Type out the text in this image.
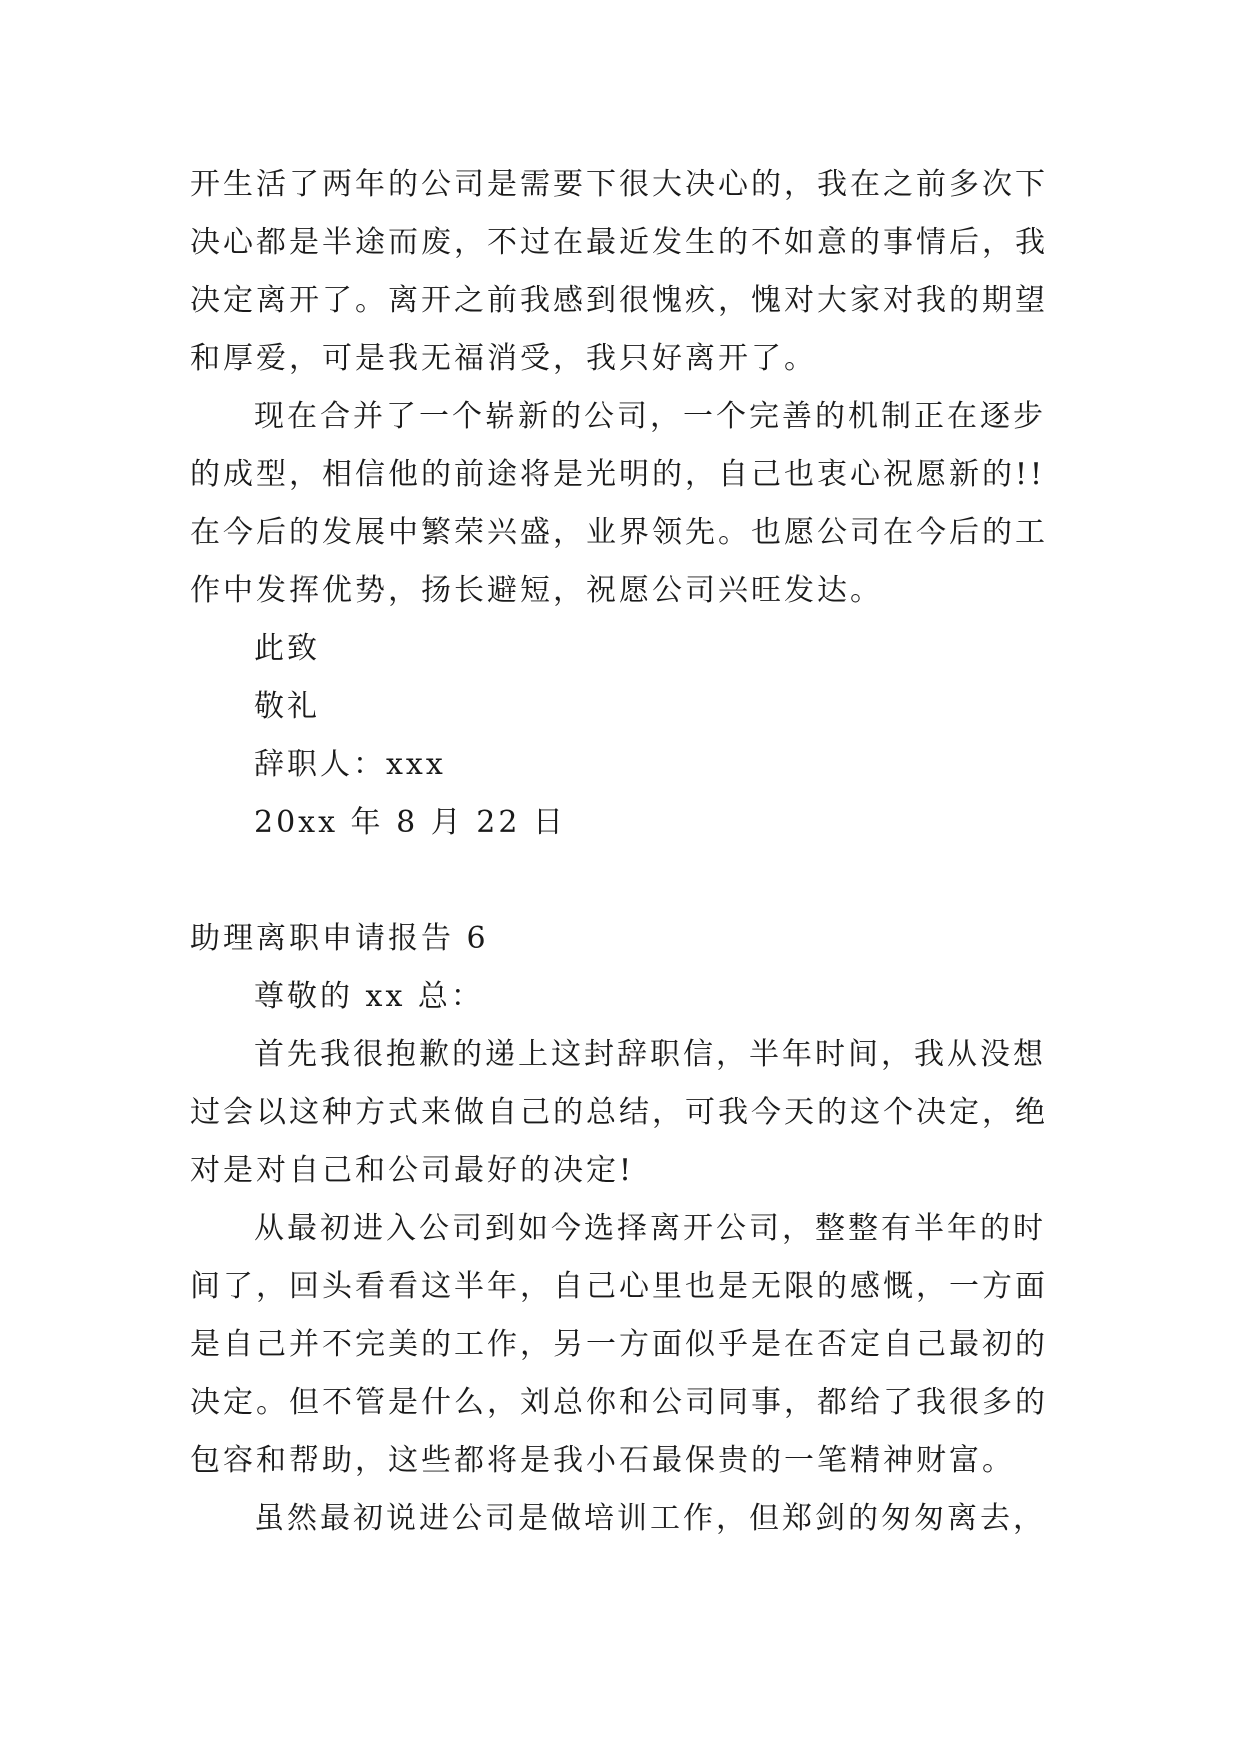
开生活了两年的公司是需要下很大决心的，我在之前多次下
决心都是半途而废，不过在最近发生的不如意的事情后，我
决定离开了。离开之前我感到很愧疚，愧对大家对我的期望
和厚爱，可是我无福消受，我只好离开了。
现在合并了一个崭新的公司，一个完善的机制正在逐步
的成型，相信他的前途将是光明的，自己也衷心祝愿新的!!
在今后的发展中繁荣兴盛，业界领先。也愿公司在今后的工
作中发挥优势，扬长避短，祝愿公司兴旺发达。
此致
敬礼
辞职人：xxx
20xx 年 8 月 22 日
助理离职申请报告 6
尊敬的 xx 总：
首先我很抱歉的递上这封辞职信，半年时间，我从没想
过会以这种方式来做自己的总结，可我今天的这个决定，绝
对是对自己和公司最好的决定!
从最初进入公司到如今选择离开公司，整整有半年的时
间了，回头看看这半年，自己心里也是无限的感慨，一方面
是自己并不完美的工作，另一方面似乎是在否定自己最初的
决定。但不管是什么，刘总你和公司同事，都给了我很多的
包容和帮助，这些都将是我小石最保贵的一笔精神财富。
虽然最初说进公司是做培训工作，但郑剑的匆匆离去，
